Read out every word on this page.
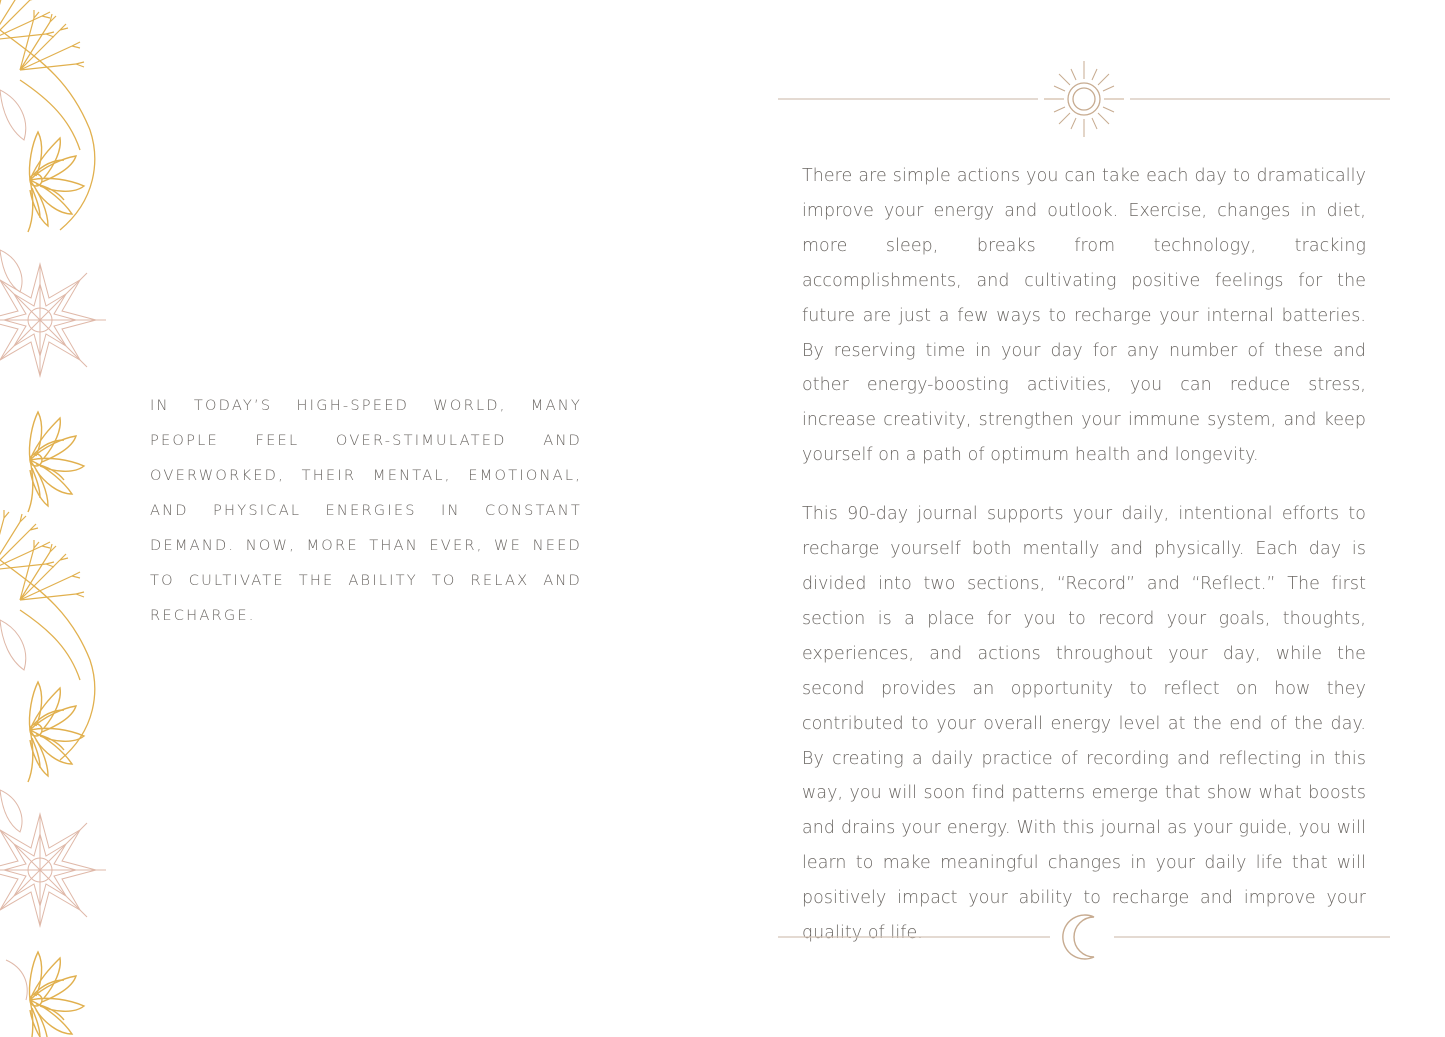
IN TODAY’S HIGH-SPEED WORLD, MANY PEOPLE FEEL OVER-STIMULATED AND OVERWORKED, THEIR MENTAL, EMOTIONAL, AND PHYSICAL ENERGIES IN CONSTANT DEMAND. NOW, MORE THAN EVER, WE NEED TO CULTIVATE THE ABILITY TO RELAX AND RECHARGE.

There are simple actions you can take each day to dramatically improve your energy and outlook. Exercise, changes in diet, more sleep, breaks from technology, tracking accomplishments, and cultivating positive feelings for the future are just a few ways to recharge your internal batteries. By reserving time in your day for any number of these and other energy-boosting activities, you can reduce stress, increase creativity, strengthen your immune system, and keep yourself on a path of optimum health and longevity.

This 90-day journal supports your daily, intentional efforts to recharge yourself both mentally and physically. Each day is divided into two sections, “Record” and “Reflect.” The first section is a place for you to record your goals, thoughts, experiences, and actions throughout your day, while the second provides an opportunity to reflect on how they contributed to your overall energy level at the end of the day. By creating a daily practice of recording and reflecting in this way, you will soon find patterns emerge that show what boosts and drains your energy. With this journal as your guide, you will learn to make meaningful changes in your daily life that will positively impact your ability to recharge and improve your quality of life.
